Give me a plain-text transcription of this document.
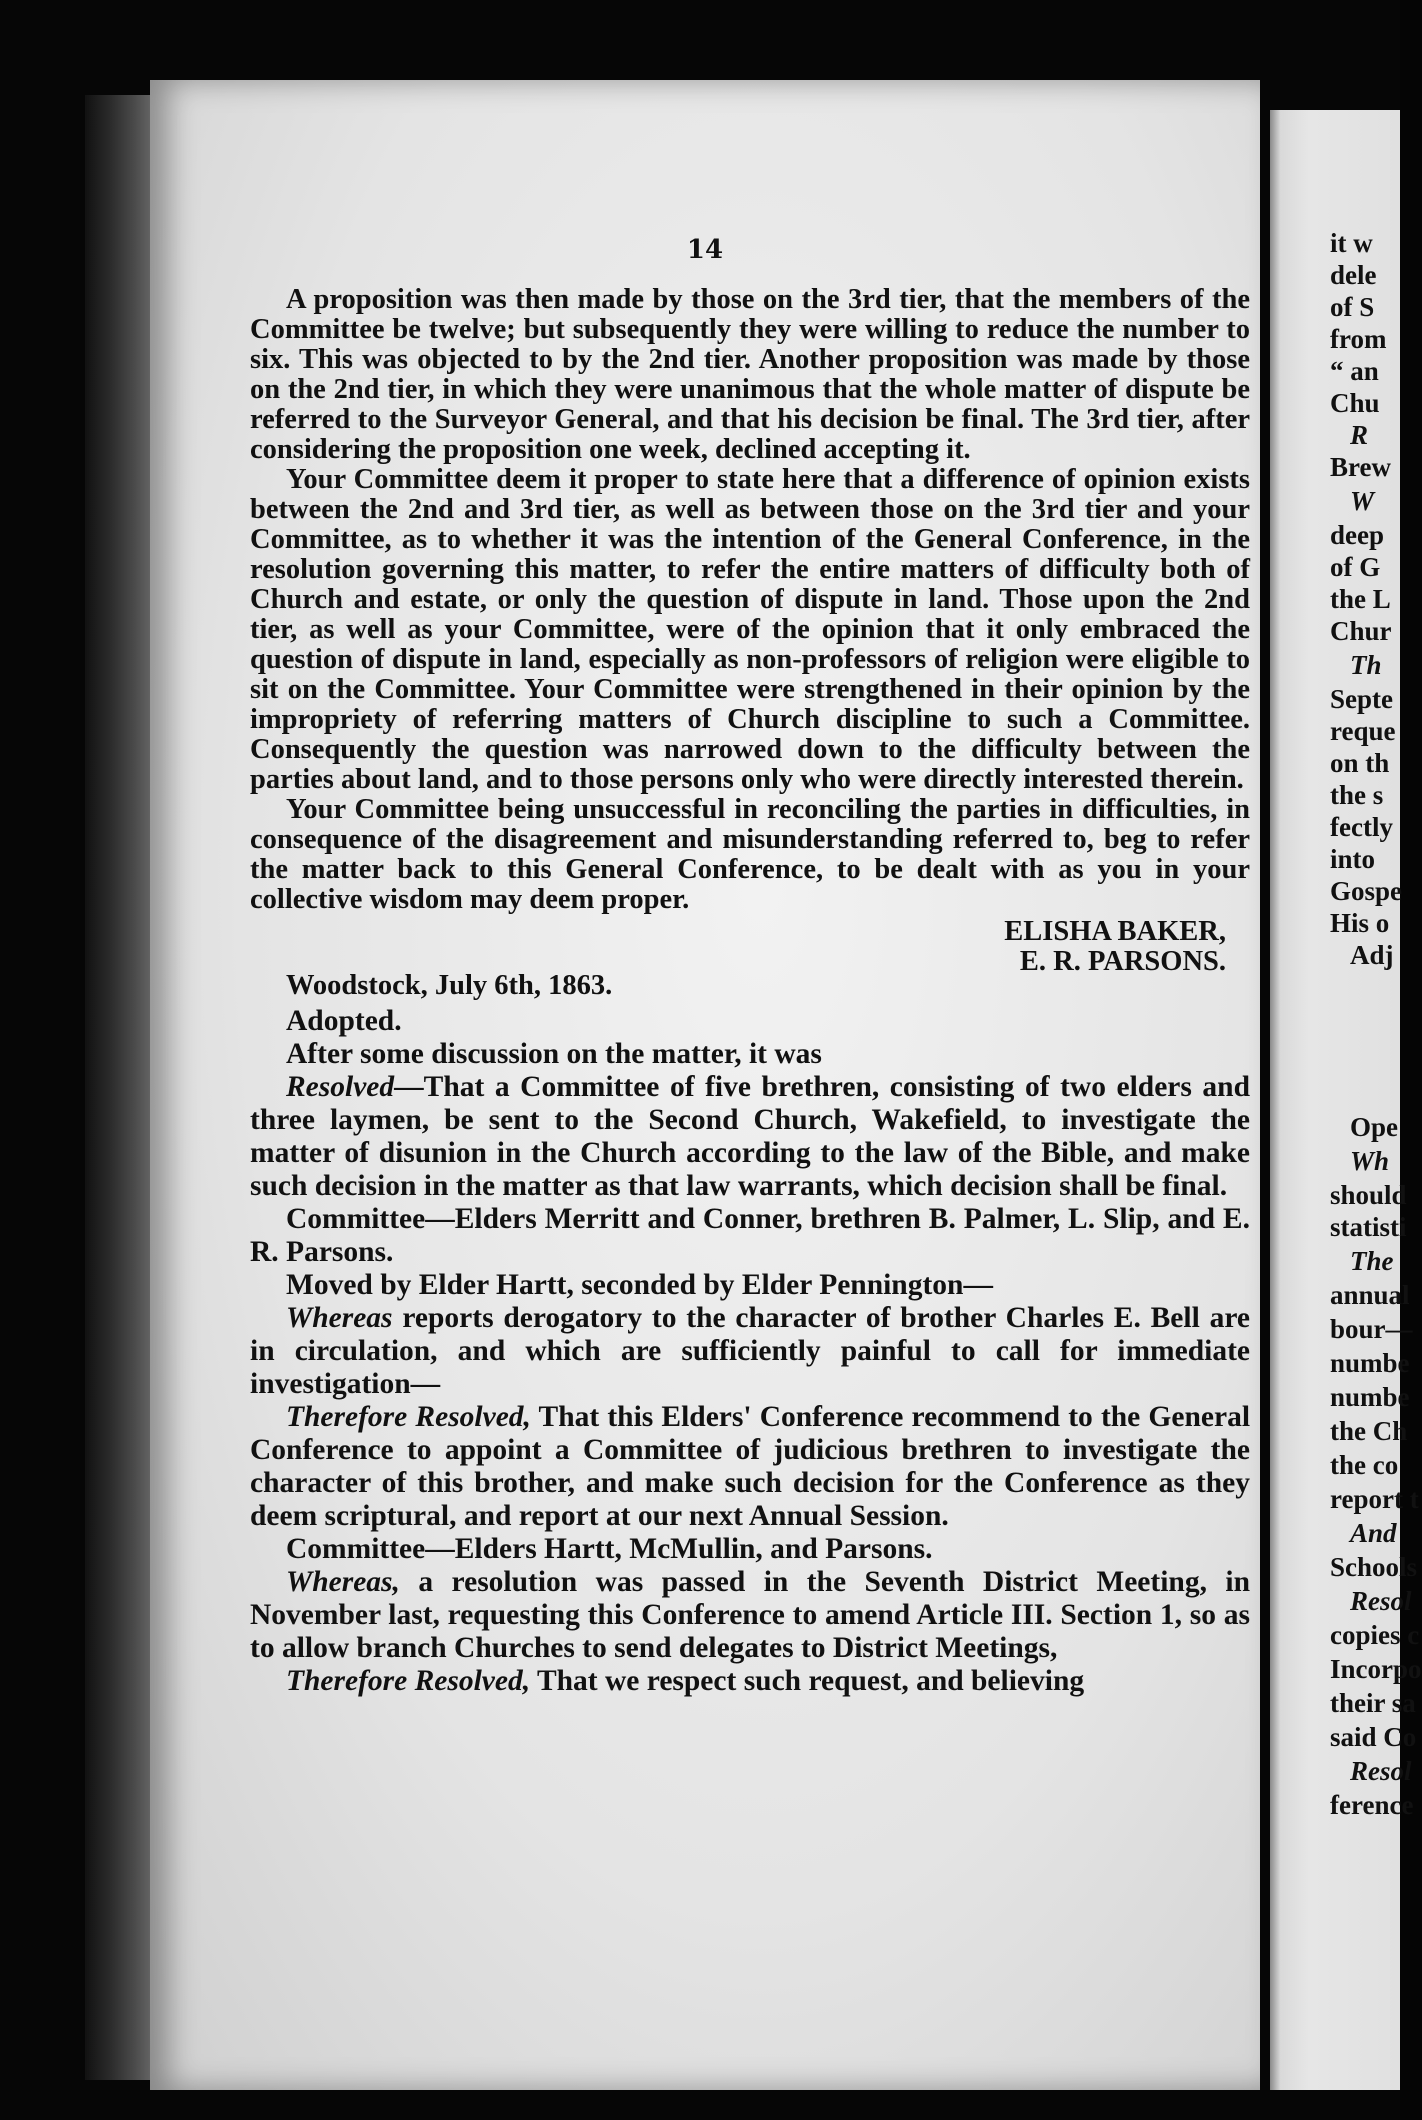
14

A proposition was then made by those on the 3rd tier, that the members of the Committee be twelve; but subsequently they were willing to reduce the number to six. This was objected to by the 2nd tier. Another proposition was made by those on the 2nd tier, in which they were unanimous that the whole matter of dispute be referred to the Surveyor General, and that his decision be final. The 3rd tier, after considering the proposition one week, declined accepting it.

Your Committee deem it proper to state here that a difference of opinion exists between the 2nd and 3rd tier, as well as between those on the 3rd tier and your Committee, as to whether it was the intention of the General Conference, in the resolution governing this matter, to refer the entire matters of difficulty both of Church and estate, or only the question of dispute in land. Those upon the 2nd tier, as well as your Committee, were of the opinion that it only embraced the question of dispute in land, especially as non-professors of religion were eligible to sit on the Committee. Your Committee were strengthened in their opinion by the impropriety of referring matters of Church discipline to such a Committee. Consequently the question was narrowed down to the difficulty between the parties about land, and to those persons only who were directly interested therein.

Your Committee being unsuccessful in reconciling the parties in difficulties, in consequence of the disagreement and misunderstanding referred to, beg to refer the matter back to this General Conference, to be dealt with as you in your collective wisdom may deem proper.

ELISHA BAKER,
E. R. PARSONS.

Woodstock, July 6th, 1863.

Adopted.

After some discussion on the matter, it was

Resolved—That a Committee of five brethren, consisting of two elders and three laymen, be sent to the Second Church, Wakefield, to investigate the matter of disunion in the Church according to the law of the Bible, and make such decision in the matter as that law warrants, which decision shall be final.

Committee—Elders Merritt and Conner, brethren B. Palmer, L. Slip, and E. R. Parsons.

Moved by Elder Hartt, seconded by Elder Pennington—

Whereas reports derogatory to the character of brother Charles E. Bell are in circulation, and which are sufficiently painful to call for immediate investigation—

Therefore Resolved, That this Elders' Conference recommend to the General Conference to appoint a Committee of judicious brethren to investigate the character of this brother, and make such decision for the Conference as they deem scriptural, and report at our next Annual Session.

Committee—Elders Hartt, McMullin, and Parsons.

Whereas, a resolution was passed in the Seventh District Meeting, in November last, requesting this Conference to amend Article III. Section 1, so as to allow branch Churches to send delegates to District Meetings,

Therefore Resolved, That we respect such request, and believing

it w

dele

of S

from

“ an

Chu

R

Brew

W

deep

of G

the L

Chur

Th

Septe

reque

on th

the s

fectly

into

Gospe

His o

Adj

Ope

Wh

should

statisti

The

annual

bour—

numbe

numbe

the Ch

the co

report t

And

Schools

Resol

copies c

Incorpo

their sa

said Co

Resol

ference
